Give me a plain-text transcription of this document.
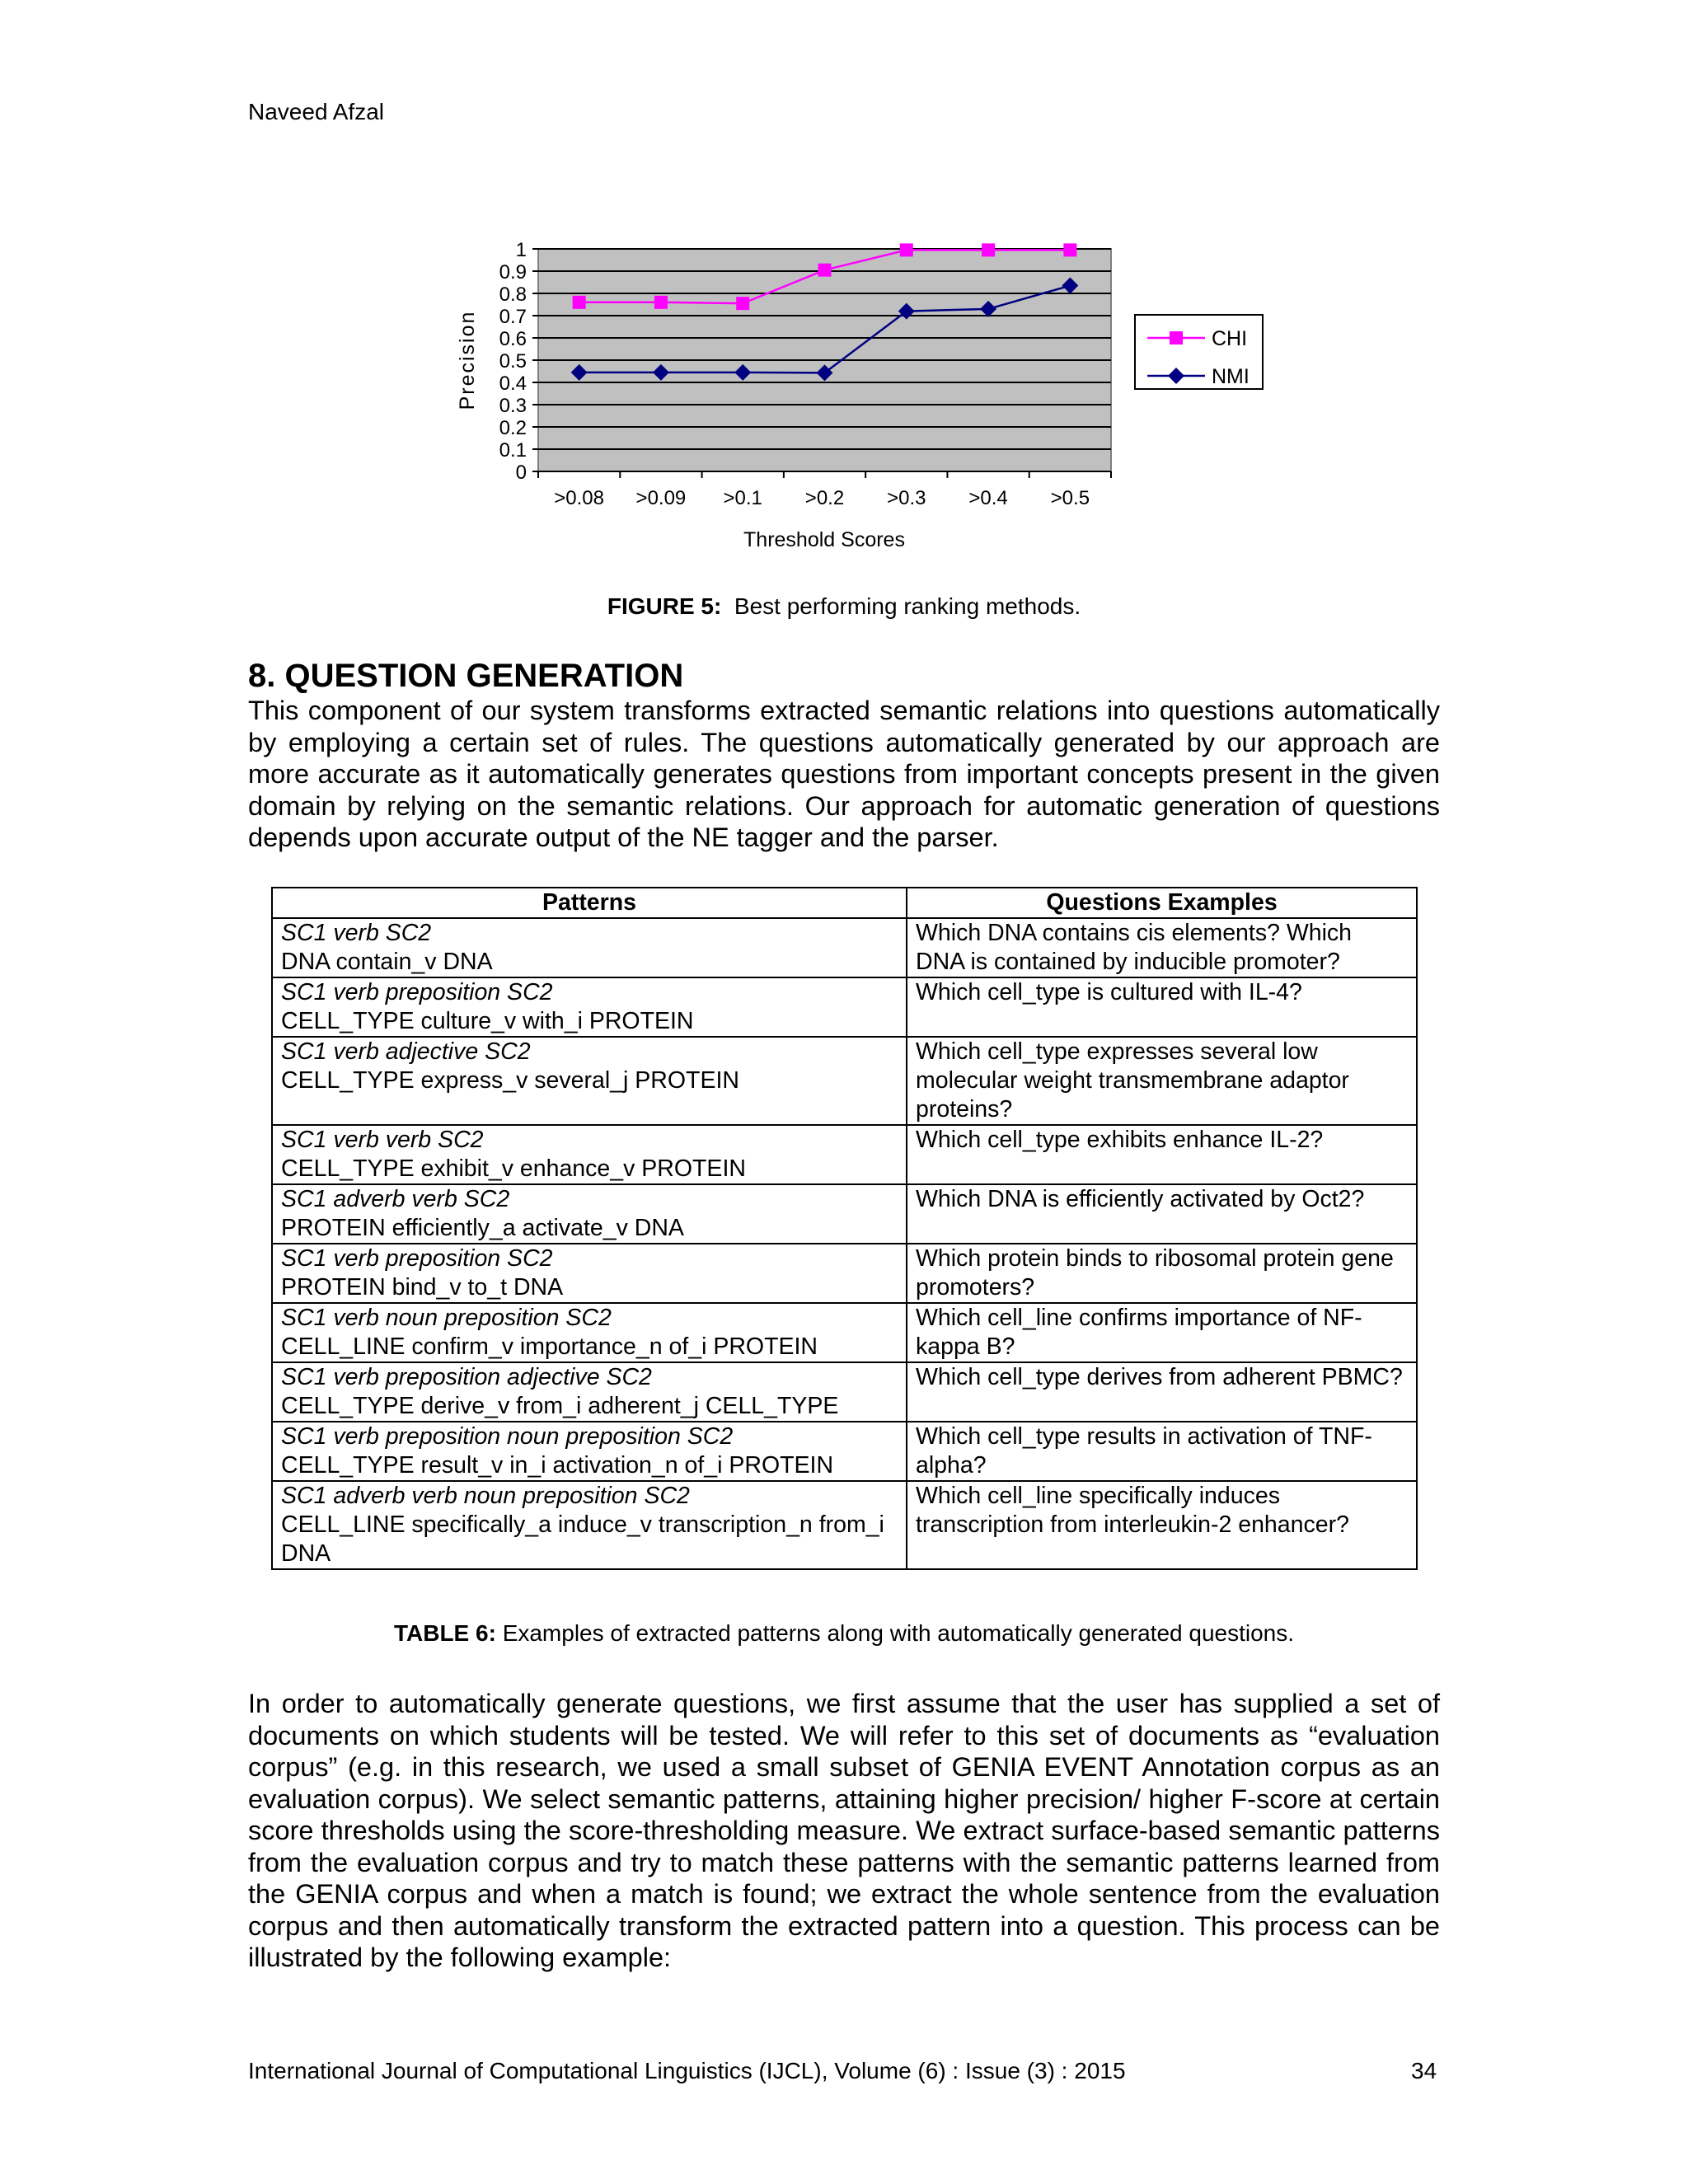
Naveed Afzal
0
0.1
0.2
0.3
0.4
0.5
0.6
0.7
0.8
0.9
1
>0.08 >0.09 >0.1 >0.2 >0.3 >0.4 >0.5
Precision
Threshold Scores
CHI
NMI
FIGURE 5: Best performing ranking methods.
8. QUESTION GENERATION

This component of our system transforms extracted semantic relations into questions automatically by employing a certain set of rules. The questions automatically generated by our approach are more accurate as it automatically generates questions from important concepts present in the given domain by relying on the semantic relations. Our approach for automatic generation of questions depends upon accurate output of the NE tagger and the parser.

Patterns	Questions Examples

SC1 verb SC2
DNA contain_v DNA	Which DNA contains cis elements? Which DNA is contained by inducible promoter?

SC1 verb preposition SC2
CELL_TYPE culture_v with_i PROTEIN	Which cell_type is cultured with IL-4?

SC1 verb adjective SC2
CELL_TYPE express_v several_j PROTEIN	Which cell_type expresses several low molecular weight transmembrane adaptor proteins?

SC1 verb verb SC2
CELL_TYPE exhibit_v enhance_v PROTEIN	Which cell_type exhibits enhance IL-2?

SC1 adverb verb SC2
PROTEIN efficiently_a activate_v DNA	Which DNA is efficiently activated by Oct2?

SC1 verb preposition SC2
PROTEIN bind_v to_t DNA	Which protein binds to ribosomal protein gene promoters?

SC1 verb noun preposition SC2
CELL_LINE confirm_v importance_n of_i PROTEIN	Which cell_line confirms importance of NF-kappa B?

SC1 verb preposition adjective SC2
CELL_TYPE derive_v from_i adherent_j CELL_TYPE	Which cell_type derives from adherent PBMC?

SC1 verb preposition noun preposition SC2
CELL_TYPE result_v in_i activation_n of_i PROTEIN	Which cell_type results in activation of TNF-alpha?

SC1 adverb verb noun preposition SC2
CELL_LINE specifically_a induce_v transcription_n from_i DNA	Which cell_line specifically induces transcription from interleukin-2 enhancer?
TABLE 6: Examples of extracted patterns along with automatically generated questions.

In order to automatically generate questions, we first assume that the user has supplied a set of documents on which students will be tested. We will refer to this set of documents as “evaluation corpus” (e.g. in this research, we used a small subset of GENIA EVENT Annotation corpus as an evaluation corpus). We select semantic patterns, attaining higher precision/ higher F-score at certain score thresholds using the score-thresholding measure. We extract surface-based semantic patterns from the evaluation corpus and try to match these patterns with the semantic patterns learned from the GENIA corpus and when a match is found; we extract the whole sentence from the evaluation corpus and then automatically transform the extracted pattern into a question. This process can be illustrated by the following example:

International Journal of Computational Linguistics (IJCL), Volume (6) : Issue (3) : 2015	34
